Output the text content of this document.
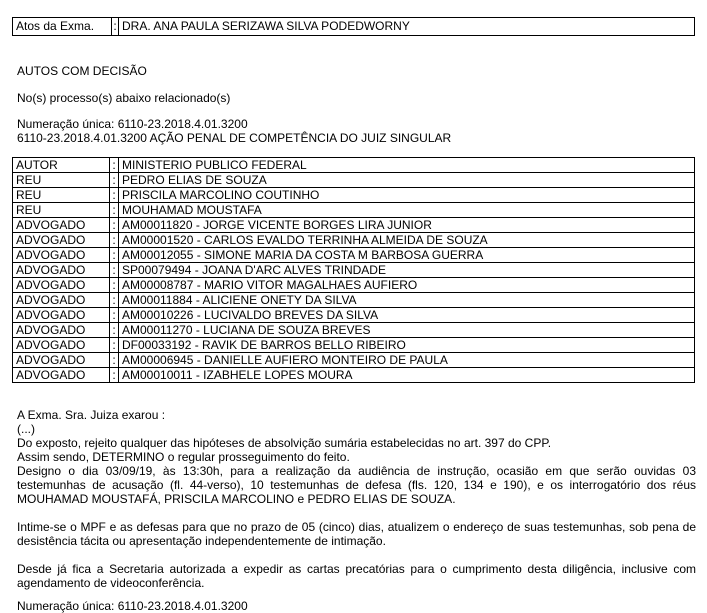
Atos da Exma.	:	DRA. ANA PAULA SERIZAWA SILVA PODEDWORNY
AUTOS COM DECISÃO
No(s) processo(s) abaixo relacionado(s)
Numeração única: 6110-23.2018.4.01.3200
6110-23.2018.4.01.3200 AÇÃO PENAL DE COMPETÊNCIA DO JUIZ SINGULAR
AUTOR	:	MINISTERIO PUBLICO FEDERAL
REU	:	PEDRO ELIAS DE SOUZA
REU	:	PRISCILA MARCOLINO COUTINHO
REU	:	MOUHAMAD MOUSTAFA
ADVOGADO	:	AM00011820 - JORGE VICENTE BORGES LIRA JUNIOR
ADVOGADO	:	AM00001520 - CARLOS EVALDO TERRINHA ALMEIDA DE SOUZA
ADVOGADO	:	AM00012055 - SIMONE MARIA DA COSTA M BARBOSA GUERRA
ADVOGADO	:	SP00079494 - JOANA D'ARC ALVES TRINDADE
ADVOGADO	:	AM00008787 - MARIO VITOR MAGALHAES AUFIERO
ADVOGADO	:	AM00011884 - ALICIENE ONETY DA SILVA
ADVOGADO	:	AM00010226 - LUCIVALDO BREVES DA SILVA
ADVOGADO	:	AM00011270 - LUCIANA DE SOUZA BREVES
ADVOGADO	:	DF00033192 - RAVIK DE BARROS BELLO RIBEIRO
ADVOGADO	:	AM00006945 - DANIELLE AUFIERO MONTEIRO DE PAULA
ADVOGADO	:	AM00010011 - IZABHELE LOPES MOURA

A Exma. Sra. Juiza exarou :

(...)

Do exposto, rejeito qualquer das hipóteses de absolvição sumária estabelecidas no art. 397 do CPP.

Assim sendo, DETERMINO o regular prosseguimento do feito.

Designo o dia 03/09/19, às 13:30h, para a realização da audiência de instrução, ocasião em que serão ouvidas 03 testemunhas de acusação (fl. 44-verso), 10 testemunhas de defesa (fls. 120, 134 e 190), e os interrogatório dos réus MOUHAMAD MOUSTAFÁ, PRISCILA MARCOLINO e PEDRO ELIAS DE SOUZA.

Intime-se o MPF e as defesas para que no prazo de 05 (cinco) dias, atualizem o endereço de suas testemunhas, sob pena de desistência tácita ou apresentação independentemente de intimação.

Desde já fica a Secretaria autorizada a expedir as cartas precatórias para o cumprimento desta diligência, inclusive com agendamento de videoconferência.

Numeração única: 6110-23.2018.4.01.3200
